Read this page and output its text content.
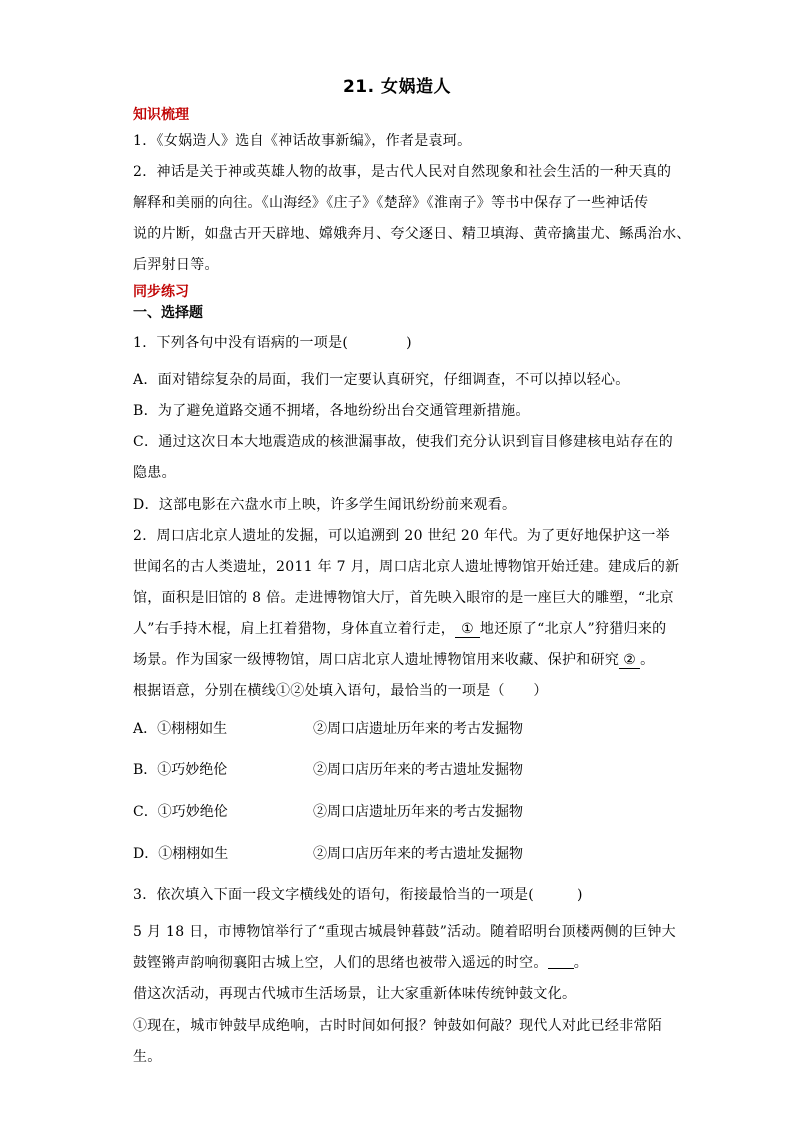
21. 女娲造人
知识梳理
1．《女娲造人》选自《神话故事新编》，作者是袁珂。
2．神话是关于神或英雄人物的故事，是古代人民对自然现象和社会生活的一种天真的
解释和美丽的向往。《山海经》《庄子》《楚辞》《淮南子》等书中保存了一些神话传
说的片断，如盘古开天辟地、嫦娥奔月、夸父逐日、精卫填海、黄帝擒蚩尤、鲧禹治水、
后羿射日等。
同步练习
一、选择题
1．下列各句中没有语病的一项是(	)
A．面对错综复杂的局面，我们一定要认真研究，仔细调查，不可以掉以轻心。
B．为了避免道路交通不拥堵，各地纷纷出台交通管理新措施。
C．通过这次日本大地震造成的核泄漏事故，使我们充分认识到盲目修建核电站存在的
隐患。
D．这部电影在六盘水市上映，许多学生闻讯纷纷前来观看。
2．周口店北京人遗址的发掘，可以追溯到 20 世纪 20 年代。为了更好地保护这一举
世闻名的古人类遗址，2011 年 7 月，周口店北京人遗址博物馆开始迁建。建成后的新
馆，面积是旧馆的 8 倍。走进博物馆大厅，首先映入眼帘的是一座巨大的雕塑，“北京
人”右手持木棍，肩上扛着猎物，身体直立着行走， ① 地还原了“北京人”狩猎归来的
场景。作为国家一级博物馆，周口店北京人遗址博物馆用来收藏、保护和研究 ② 。
根据语意，分别在横线①②处填入语句，最恰当的一项是（　　）
A．①栩栩如生	②周口店遗址历年来的考古发掘物
B．①巧妙绝伦	②周口店历年来的考古遗址发掘物
C．①巧妙绝伦	②周口店遗址历年来的考古发掘物
D．①栩栩如生	②周口店历年来的考古遗址发掘物
3．依次填入下面一段文字横线处的语句，衔接最恰当的一项是(　　　)
5 月 18 日，市博物馆举行了“重现古城晨钟暮鼓”活动。随着昭明台顶楼两侧的巨钟大
鼓铿锵声韵响彻襄阳古城上空，人们的思绪也被带入遥远的时空。 。
借这次活动，再现古代城市生活场景，让大家重新体味传统钟鼓文化。
①现在，城市钟鼓早成绝响，古时时间如何报？钟鼓如何敲？现代人对此已经非常陌
生。
